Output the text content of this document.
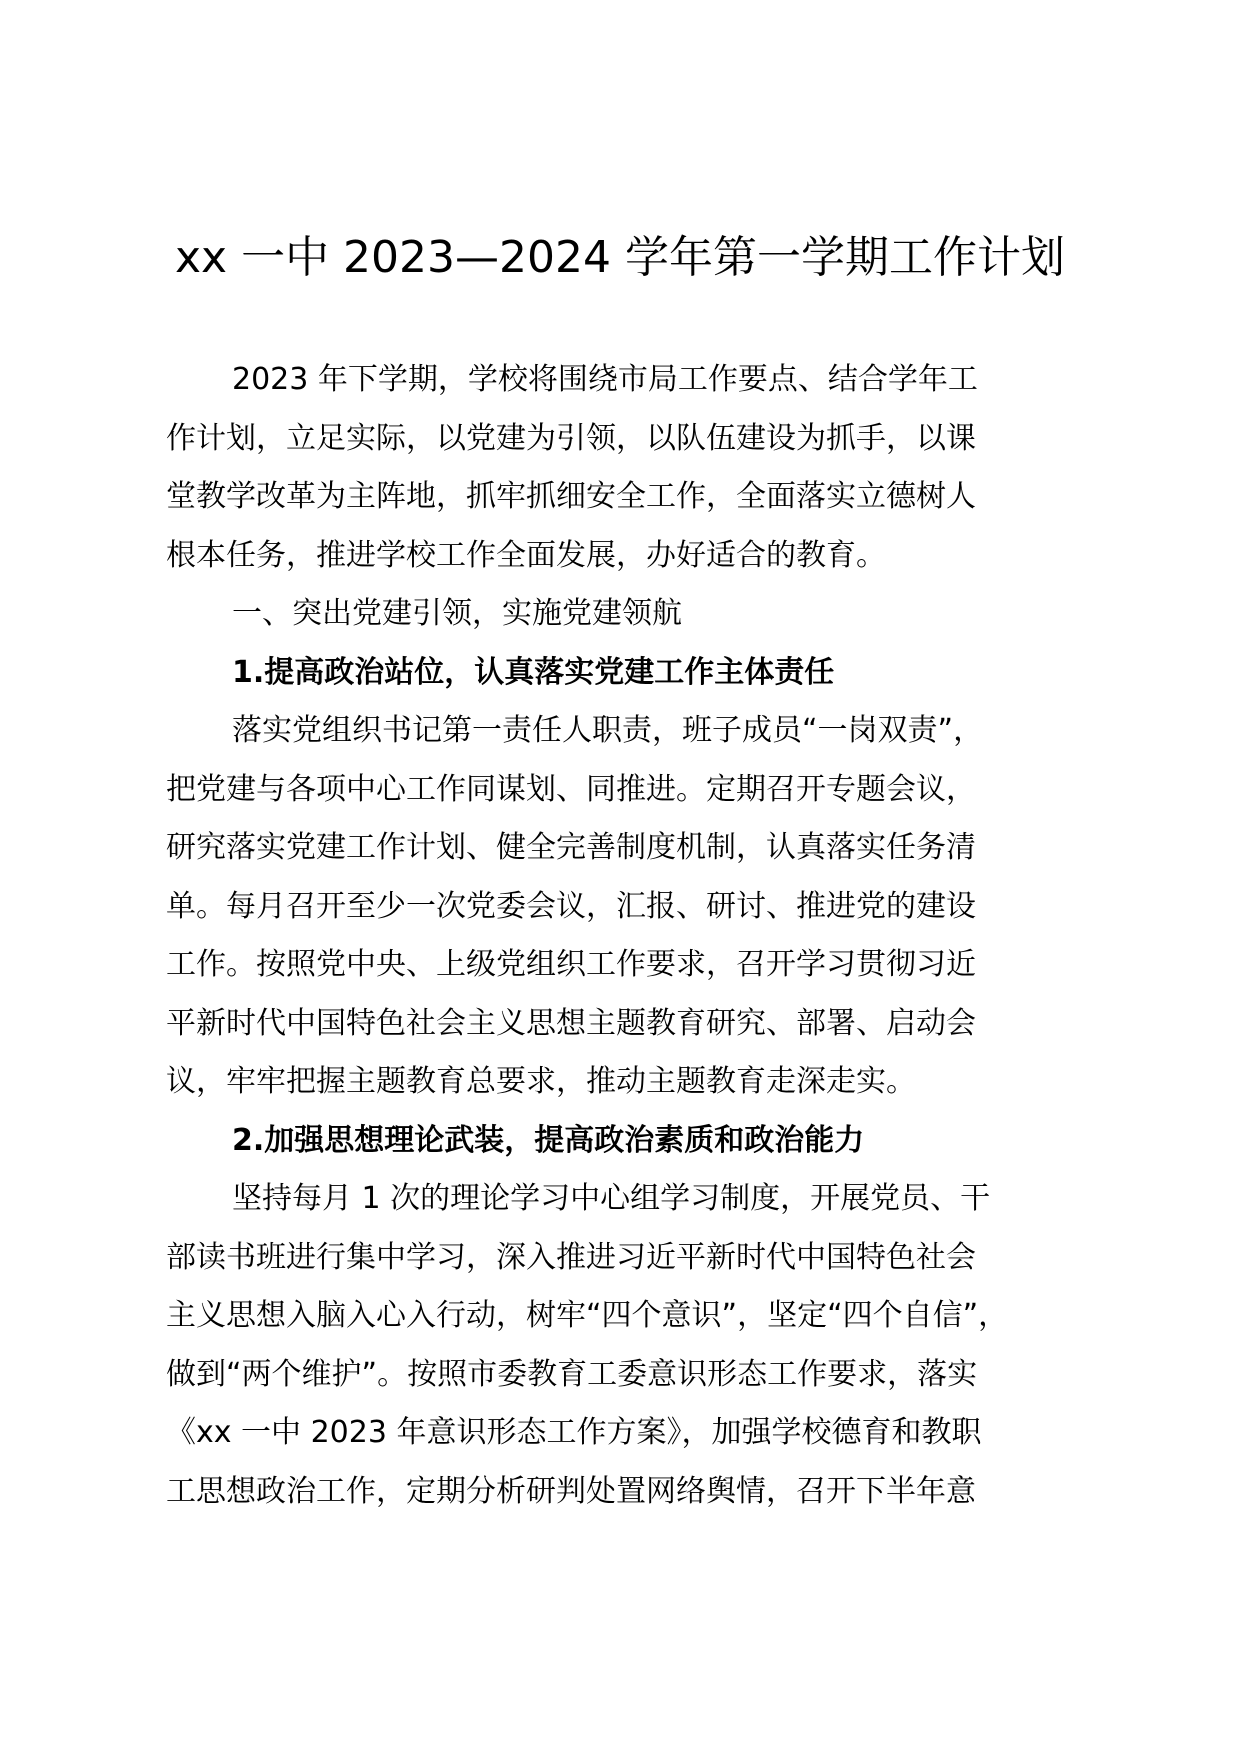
xx 一中 2023—2024 学年第一学期工作计划
2023 年下学期，学校将围绕市局工作要点、结合学年工
作计划，立足实际，以党建为引领，以队伍建设为抓手，以课
堂教学改革为主阵地，抓牢抓细安全工作，全面落实立德树人
根本任务，推进学校工作全面发展，办好适合的教育。
一、突出党建引领，实施党建领航
1.提高政治站位，认真落实党建工作主体责任
落实党组织书记第一责任人职责，班子成员“一岗双责”，
把党建与各项中心工作同谋划、同推进。定期召开专题会议，
研究落实党建工作计划、健全完善制度机制，认真落实任务清
单。每月召开至少一次党委会议，汇报、研讨、推进党的建设
工作。按照党中央、上级党组织工作要求，召开学习贯彻习近
平新时代中国特色社会主义思想主题教育研究、部署、启动会
议，牢牢把握主题教育总要求，推动主题教育走深走实。
2.加强思想理论武装，提高政治素质和政治能力
坚持每月 1 次的理论学习中心组学习制度，开展党员、干
部读书班进行集中学习，深入推进习近平新时代中国特色社会
主义思想入脑入心入行动，树牢“四个意识”，坚定“四个自信”，
做到“两个维护”。按照市委教育工委意识形态工作要求，落实
《xx 一中 2023 年意识形态工作方案》，加强学校德育和教职
工思想政治工作，定期分析研判处置网络舆情，召开下半年意
